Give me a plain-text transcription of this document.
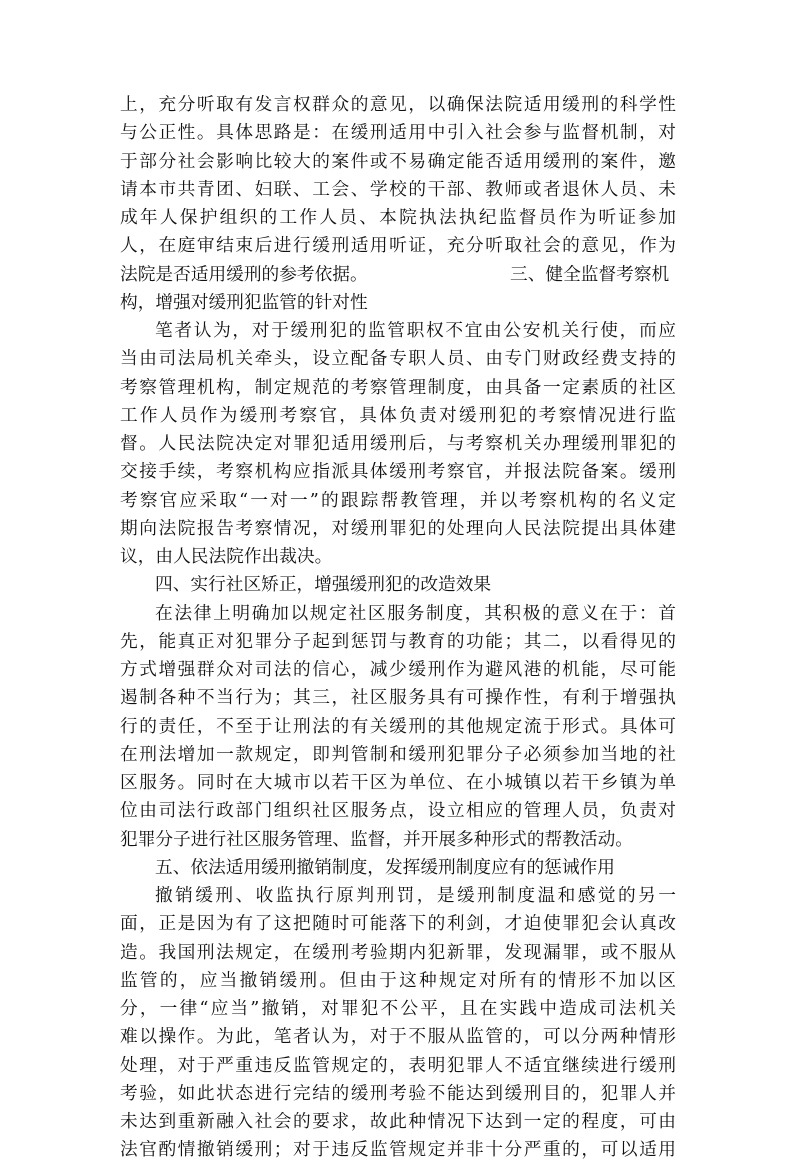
上，充分听取有发言权群众的意见，以确保法院适用缓刑的科学性
与公正性。具体思路是：在缓刑适用中引入社会参与监督机制，对
于部分社会影响比较大的案件或不易确定能否适用缓刑的案件，邀
请本市共青团、妇联、工会、学校的干部、教师或者退休人员、未
成年人保护组织的工作人员、本院执法执纪监督员作为听证参加
人，在庭审结束后进行缓刑适用听证，充分听取社会的意见，作为
法院是否适用缓刑的参考依据。	三、健全监督考察机
构，增强对缓刑犯监管的针对性
笔者认为，对于缓刑犯的监管职权不宜由公安机关行使，而应
当由司法局机关牵头，设立配备专职人员、由专门财政经费支持的
考察管理机构，制定规范的考察管理制度，由具备一定素质的社区
工作人员作为缓刑考察官，具体负责对缓刑犯的考察情况进行监
督。人民法院决定对罪犯适用缓刑后，与考察机关办理缓刑罪犯的
交接手续，考察机构应指派具体缓刑考察官，并报法院备案。缓刑
考察官应采取“一对一”的跟踪帮教管理，并以考察机构的名义定
期向法院报告考察情况，对缓刑罪犯的处理向人民法院提出具体建
议，由人民法院作出裁决。
四、实行社区矫正，增强缓刑犯的改造效果
在法律上明确加以规定社区服务制度，其积极的意义在于：首
先，能真正对犯罪分子起到惩罚与教育的功能；其二，以看得见的
方式增强群众对司法的信心，减少缓刑作为避风港的机能，尽可能
遏制各种不当行为；其三，社区服务具有可操作性，有利于增强执
行的责任，不至于让刑法的有关缓刑的其他规定流于形式。具体可
在刑法增加一款规定，即判管制和缓刑犯罪分子必须参加当地的社
区服务。同时在大城市以若干区为单位、在小城镇以若干乡镇为单
位由司法行政部门组织社区服务点，设立相应的管理人员，负责对
犯罪分子进行社区服务管理、监督，并开展多种形式的帮教活动。
五、依法适用缓刑撤销制度，发挥缓刑制度应有的惩诫作用
撤销缓刑、收监执行原判刑罚，是缓刑制度温和感觉的另一
面，正是因为有了这把随时可能落下的利剑，才迫使罪犯会认真改
造。我国刑法规定，在缓刑考验期内犯新罪，发现漏罪，或不服从
监管的，应当撤销缓刑。但由于这种规定对所有的情形不加以区
分，一律“应当”撤销，对罪犯不公平，且在实践中造成司法机关
难以操作。为此，笔者认为，对于不服从监管的，可以分两种情形
处理，对于严重违反监管规定的，表明犯罪人不适宜继续进行缓刑
考验，如此状态进行完结的缓刑考验不能达到缓刑目的，犯罪人并
未达到重新融入社会的要求，故此种情况下达到一定的程度，可由
法官酌情撤销缓刑；对于违反监管规定并非十分严重的，可以适用
